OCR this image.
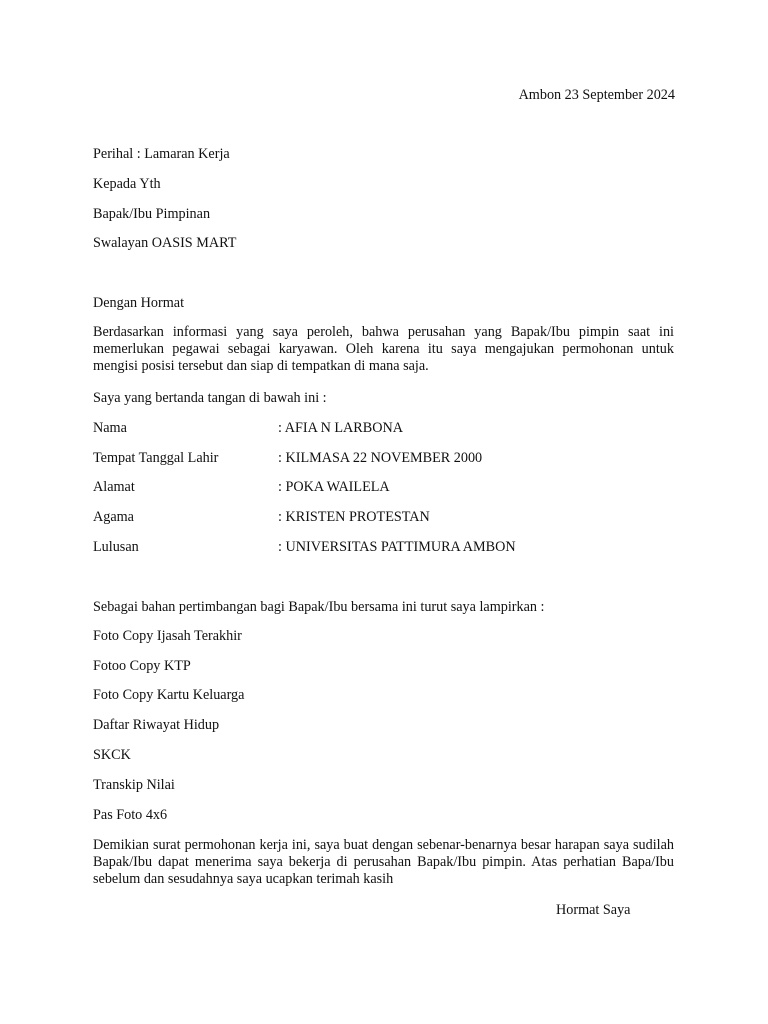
Ambon 23 September 2024
Perihal : Lamaran Kerja
Kepada Yth
Bapak/Ibu Pimpinan
Swalayan OASIS MART
Dengan Hormat
Berdasarkan informasi yang saya peroleh, bahwa perusahan yang Bapak/Ibu pimpin saat ini memerlukan pegawai sebagai karyawan. Oleh karena itu saya mengajukan permohonan untuk mengisi posisi tersebut dan siap di tempatkan di mana saja.
Saya yang bertanda tangan di bawah ini :
Nama	: AFIA N LARBONA
Tempat Tanggal Lahir	: KILMASA 22 NOVEMBER 2000
Alamat	: POKA WAILELA
Agama	: KRISTEN PROTESTAN
Lulusan	: UNIVERSITAS PATTIMURA AMBON
Sebagai bahan pertimbangan bagi Bapak/Ibu bersama ini turut saya lampirkan :
Foto Copy Ijasah Terakhir
Fotoo Copy KTP
Foto Copy Kartu Keluarga
Daftar Riwayat Hidup
SKCK
Transkip Nilai
Pas Foto 4x6
Demikian surat permohonan kerja ini, saya buat dengan sebenar-benarnya besar harapan saya sudilah Bapak/Ibu dapat menerima saya bekerja di perusahan Bapak/Ibu pimpin. Atas perhatian Bapa/Ibu sebelum dan sesudahnya saya ucapkan terimah kasih
Hormat Saya
